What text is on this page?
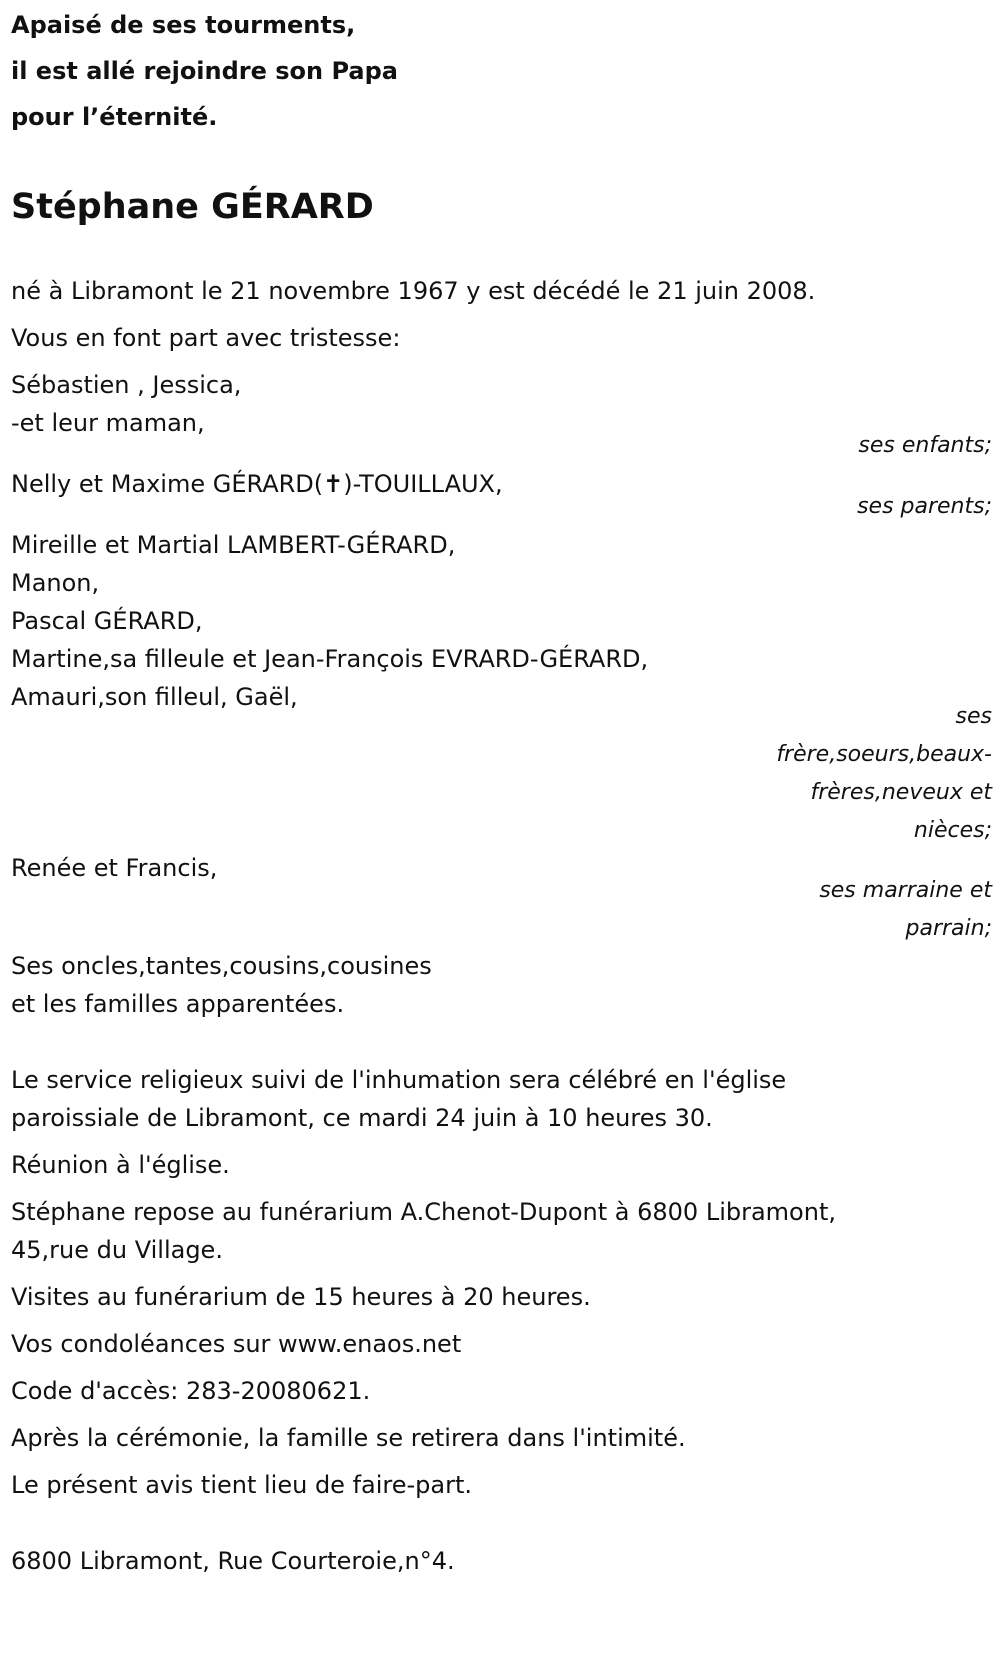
Apaisé de ses tourments,
il est allé rejoindre son Papa
pour l’éternité.
Stéphane GÉRARD
né à Libramont le 21 novembre 1967 y est décédé le 21 juin 2008.
Vous en font part avec tristesse:
Sébastien , Jessica,
-et leur maman,
ses enfants;
Nelly et Maxime GÉRARD(✝)-TOUILLAUX,
ses parents;
Mireille et Martial LAMBERT-GÉRARD,
Manon,
Pascal GÉRARD,
Martine,sa filleule et Jean-François EVRARD-GÉRARD,
Amauri,son filleul, Gaël,
ses
frère,soeurs,beaux-
frères,neveux et
nièces;
Renée et Francis,
ses marraine et
parrain;
Ses oncles,tantes,cousins,cousines
et les familles apparentées.
Le service religieux suivi de l'inhumation sera célébré en l'église
paroissiale de Libramont, ce mardi 24 juin à 10 heures 30.
Réunion à l'église.
Stéphane repose au funérarium A.Chenot-Dupont à 6800 Libramont,
45,rue du Village.
Visites au funérarium de 15 heures à 20 heures.
Vos condoléances sur www.enaos.net
Code d'accès: 283-20080621.
Après la cérémonie, la famille se retirera dans l'intimité.
Le présent avis tient lieu de faire-part.
6800 Libramont, Rue Courteroie,n°4.
